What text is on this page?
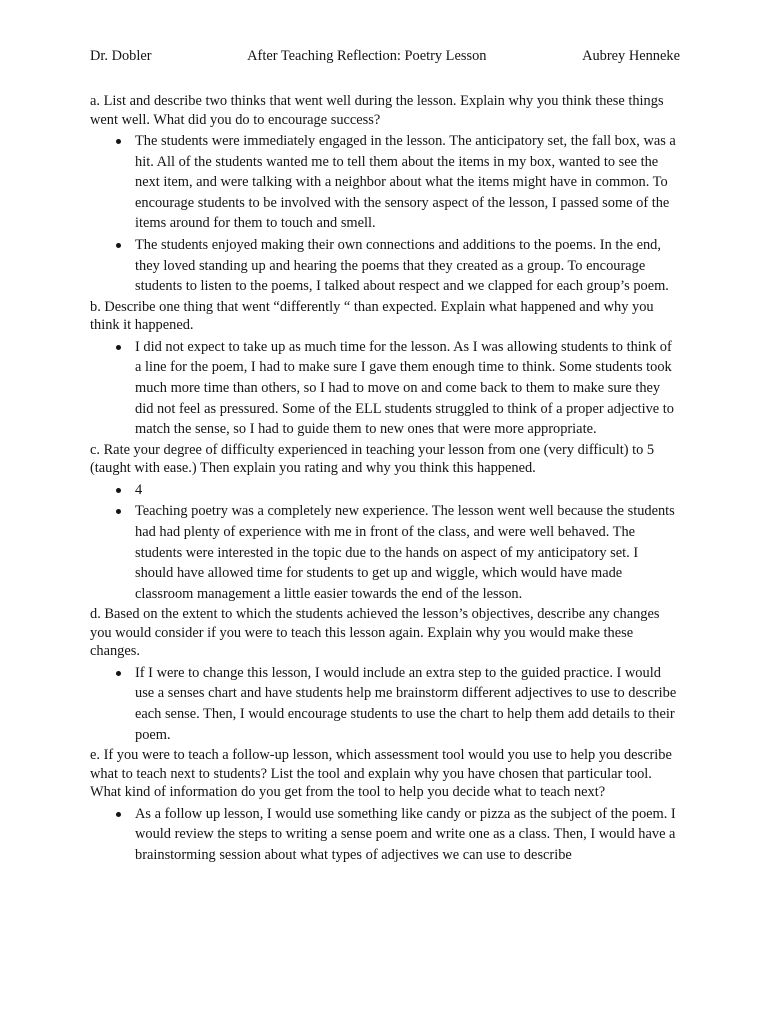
Dr. Dobler	After Teaching Reflection: Poetry Lesson	Aubrey Henneke

a. List and describe two thinks that went well during the lesson. Explain why you think these things went well. What did you do to encourage success?

The students were immediately engaged in the lesson. The anticipatory set, the fall box, was a hit. All of the students wanted me to tell them about the items in my box, wanted to see the next item, and were talking with a neighbor about what the items might have in common. To encourage students to be involved with the sensory aspect of the lesson, I passed some of the items around for them to touch and smell.
The students enjoyed making their own connections and additions to the poems. In the end, they loved standing up and hearing the poems that they created as a group. To encourage students to listen to the poems, I talked about respect and we clapped for each group’s poem.

b. Describe one thing that went “differently “ than expected. Explain what happened and why you think it happened.

I did not expect to take up as much time for the lesson. As I was allowing students to think of a line for the poem, I had to make sure I gave them enough time to think. Some students took much more time than others, so I had to move on and come back to them to make sure they did not feel as pressured. Some of the ELL students struggled to think of a proper adjective to match the sense, so I had to guide them to new ones that were more appropriate.

c. Rate your degree of difficulty experienced in teaching your lesson from one (very difficult) to 5 (taught with ease.) Then explain you rating and why you think this happened.

4
Teaching poetry was a completely new experience. The lesson went well because the students had had plenty of experience with me in front of the class, and were well behaved. The students were interested in the topic due to the hands on aspect of my anticipatory set. I should have allowed time for students to get up and wiggle, which would have made classroom management a little easier towards the end of the lesson.

d. Based on the extent to which the students achieved the lesson’s objectives, describe any changes you would consider if you were to teach this lesson again. Explain why you would make these changes.

If I were to change this lesson, I would include an extra step to the guided practice. I would use a senses chart and have students help me brainstorm different adjectives to use to describe each sense. Then, I would encourage students to use the chart to help them add details to their poem.

e. If you were to teach a follow-up lesson, which assessment tool would you use to help you describe what to teach next to students? List the tool and explain why you have chosen that particular tool. What kind of information do you get from the tool to help you decide what to teach next?

As a follow up lesson, I would use something like candy or pizza as the subject of the poem. I would review the steps to writing a sense poem and write one as a class. Then, I would have a brainstorming session about what types of adjectives we can use to describe
